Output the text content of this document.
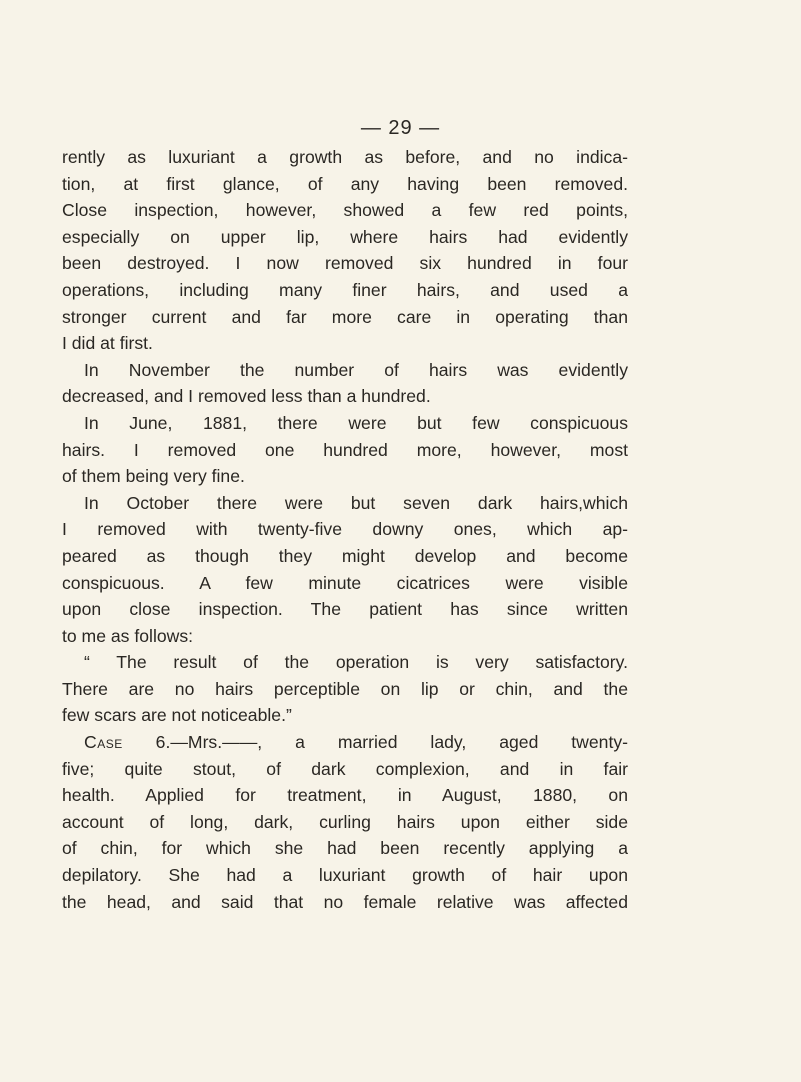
— 29 —
rently as luxuriant a growth as before, and no indica-
tion, at first glance, of any having been removed.
Close inspection, however, showed a few red points,
especially on upper lip, where hairs had evidently
been destroyed. I now removed six hundred in four
operations, including many finer hairs, and used a
stronger current and far more care in operating than
I did at first.
In November the number of hairs was evidently
decreased, and I removed less than a hundred.
In June, 1881, there were but few conspicuous
hairs. I removed one hundred more, however, most
of them being very fine.
In October there were but seven dark hairs,which
I removed with twenty-five downy ones, which ap-
peared as though they might develop and become
conspicuous. A few minute cicatrices were visible
upon close inspection. The patient has since written
to me as follows:
“ The result of the operation is very satisfactory.
There are no hairs perceptible on lip or chin, and the
few scars are not noticeable.”
Case 6.—Mrs.——, a married lady, aged twenty-
five; quite stout, of dark complexion, and in fair
health. Applied for treatment, in August, 1880, on
account of long, dark, curling hairs upon either side
of chin, for which she had been recently applying a
depilatory. She had a luxuriant growth of hair upon
the head, and said that no female relative was affected
